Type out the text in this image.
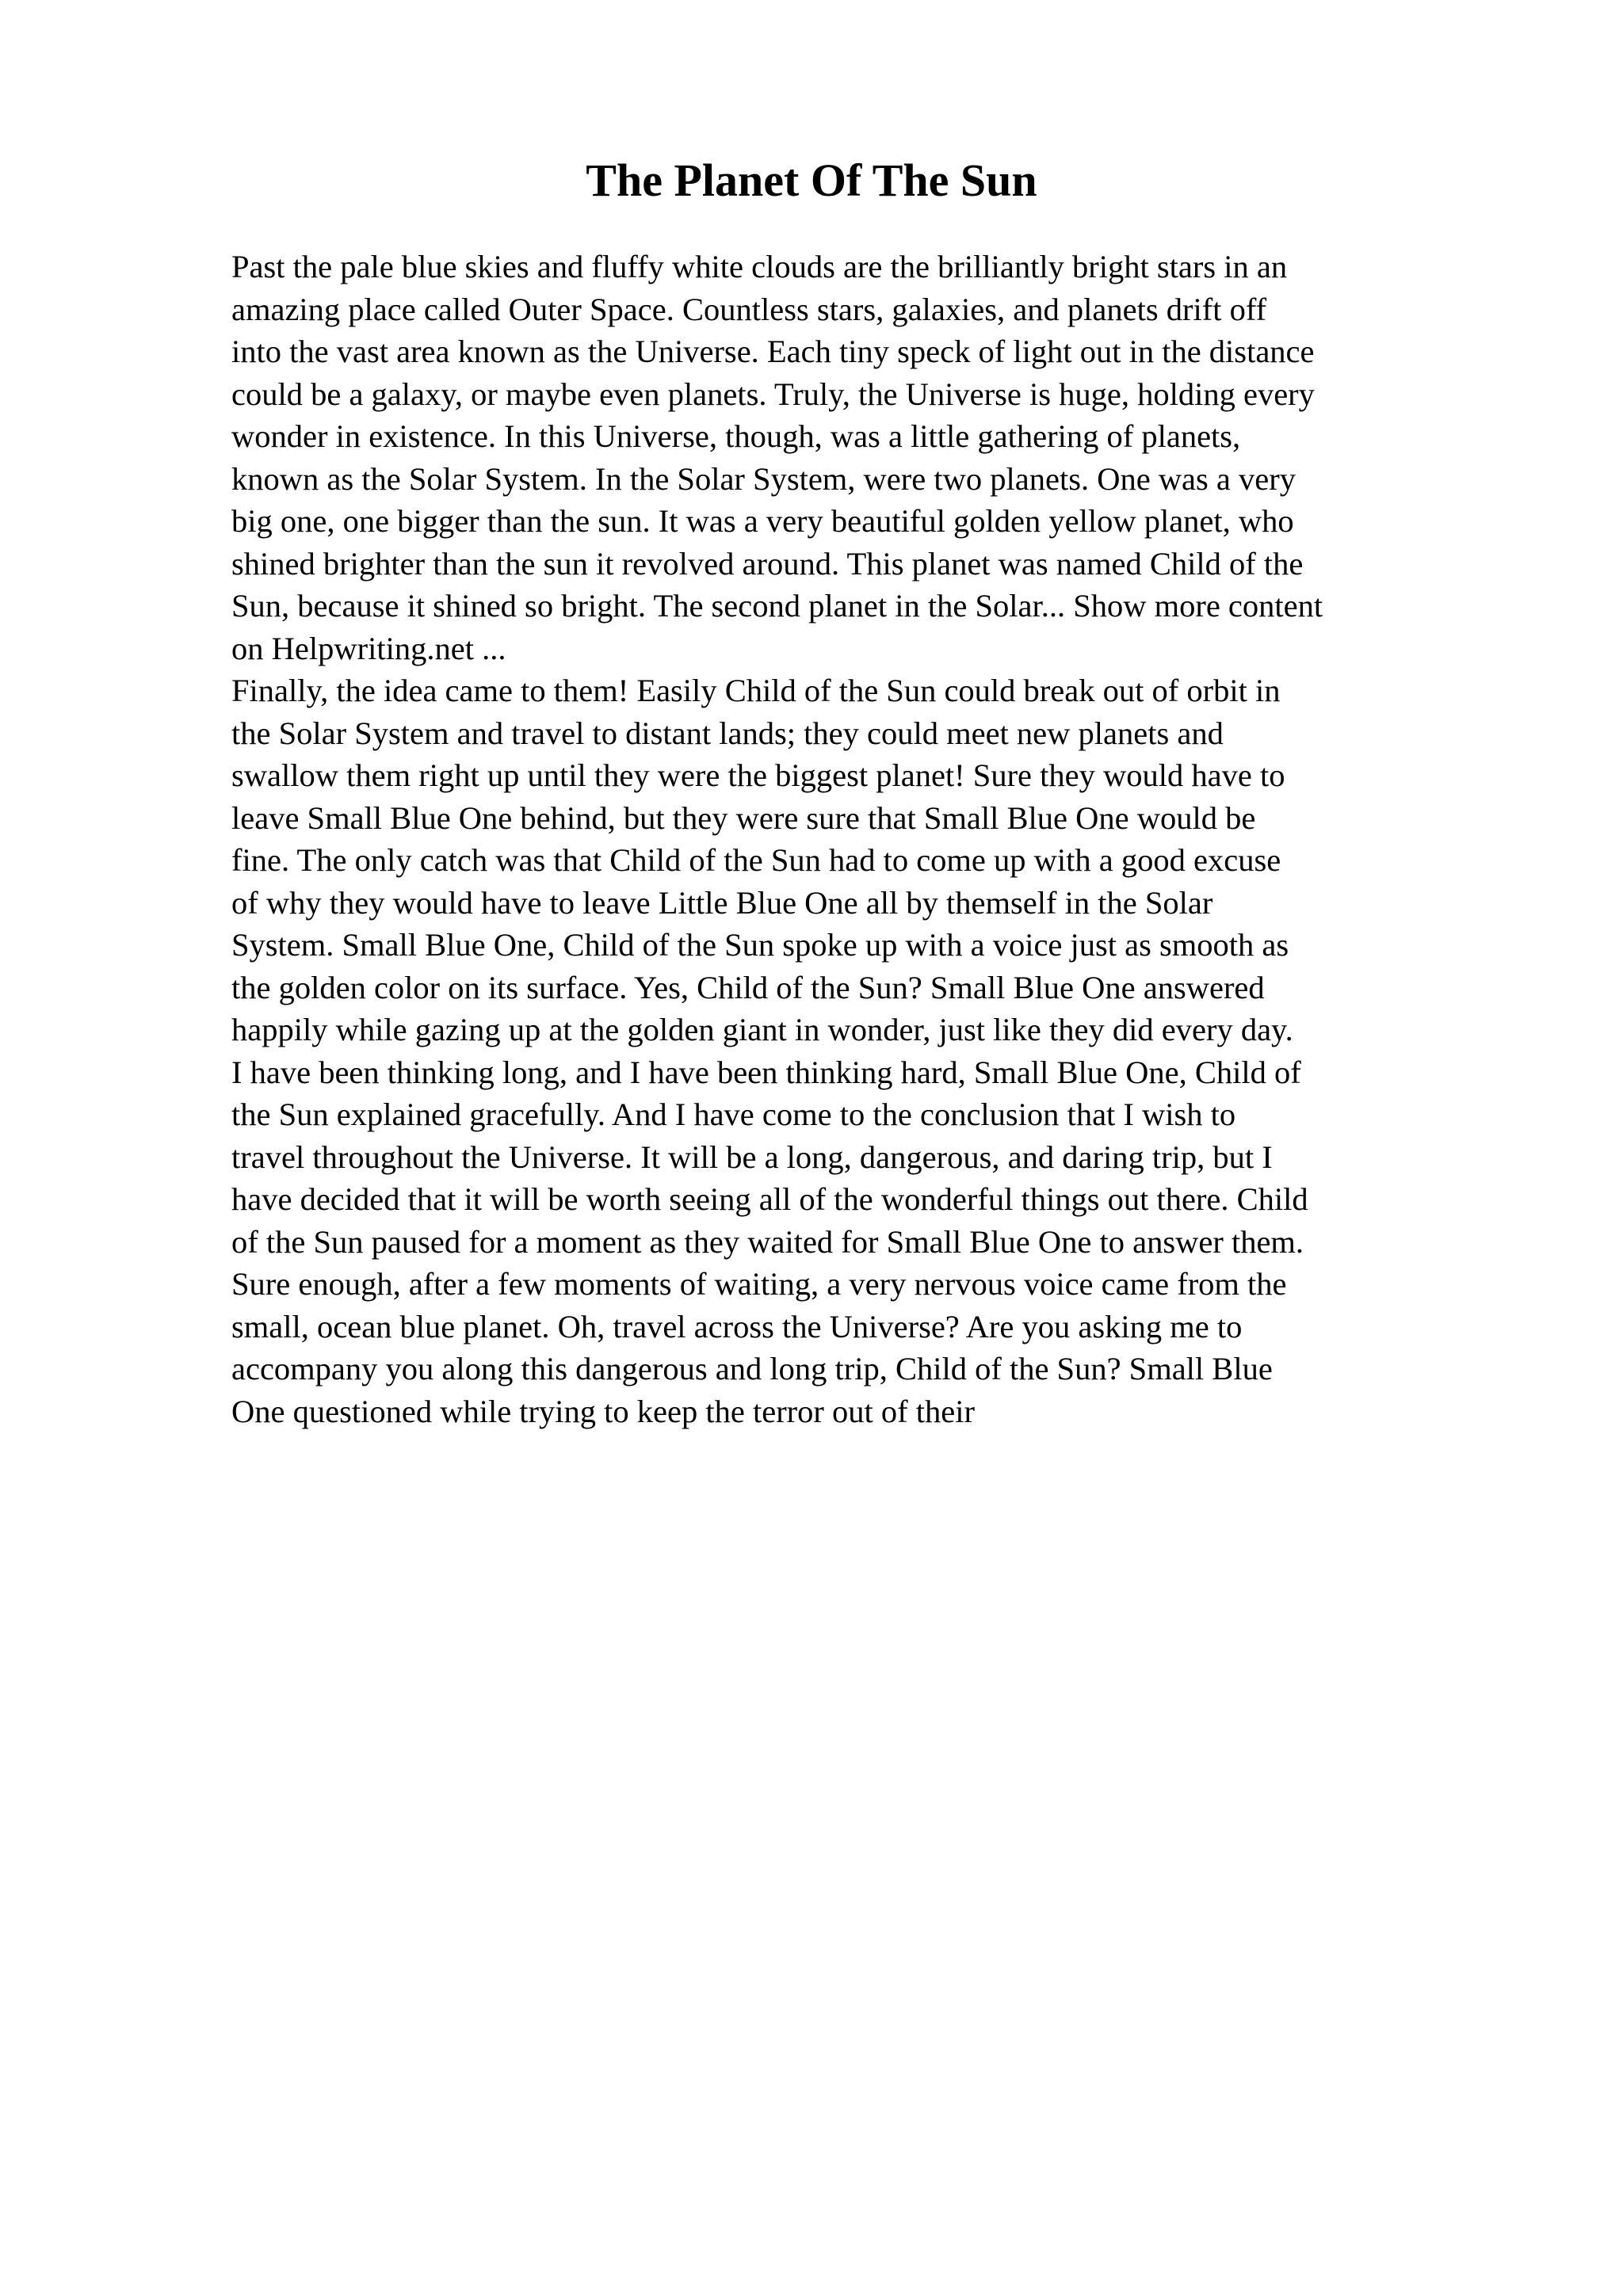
The Planet Of The Sun
Past the pale blue skies and fluffy white clouds are the brilliantly bright stars in an
amazing place called Outer Space. Countless stars, galaxies, and planets drift off
into the vast area known as the Universe. Each tiny speck of light out in the distance
could be a galaxy, or maybe even planets. Truly, the Universe is huge, holding every
wonder in existence. In this Universe, though, was a little gathering of planets,
known as the Solar System. In the Solar System, were two planets. One was a very
big one, one bigger than the sun. It was a very beautiful golden yellow planet, who
shined brighter than the sun it revolved around. This planet was named Child of the
Sun, because it shined so bright. The second planet in the Solar... Show more content
on Helpwriting.net ...
Finally, the idea came to them! Easily Child of the Sun could break out of orbit in
the Solar System and travel to distant lands; they could meet new planets and
swallow them right up until they were the biggest planet! Sure they would have to
leave Small Blue One behind, but they were sure that Small Blue One would be
fine. The only catch was that Child of the Sun had to come up with a good excuse
of why they would have to leave Little Blue One all by themself in the Solar
System. Small Blue One, Child of the Sun spoke up with a voice just as smooth as
the golden color on its surface. Yes, Child of the Sun? Small Blue One answered
happily while gazing up at the golden giant in wonder, just like they did every day.
I have been thinking long, and I have been thinking hard, Small Blue One, Child of
the Sun explained gracefully. And I have come to the conclusion that I wish to
travel throughout the Universe. It will be a long, dangerous, and daring trip, but I
have decided that it will be worth seeing all of the wonderful things out there. Child
of the Sun paused for a moment as they waited for Small Blue One to answer them.
Sure enough, after a few moments of waiting, a very nervous voice came from the
small, ocean blue planet. Oh, travel across the Universe? Are you asking me to
accompany you along this dangerous and long trip, Child of the Sun? Small Blue
One questioned while trying to keep the terror out of their
